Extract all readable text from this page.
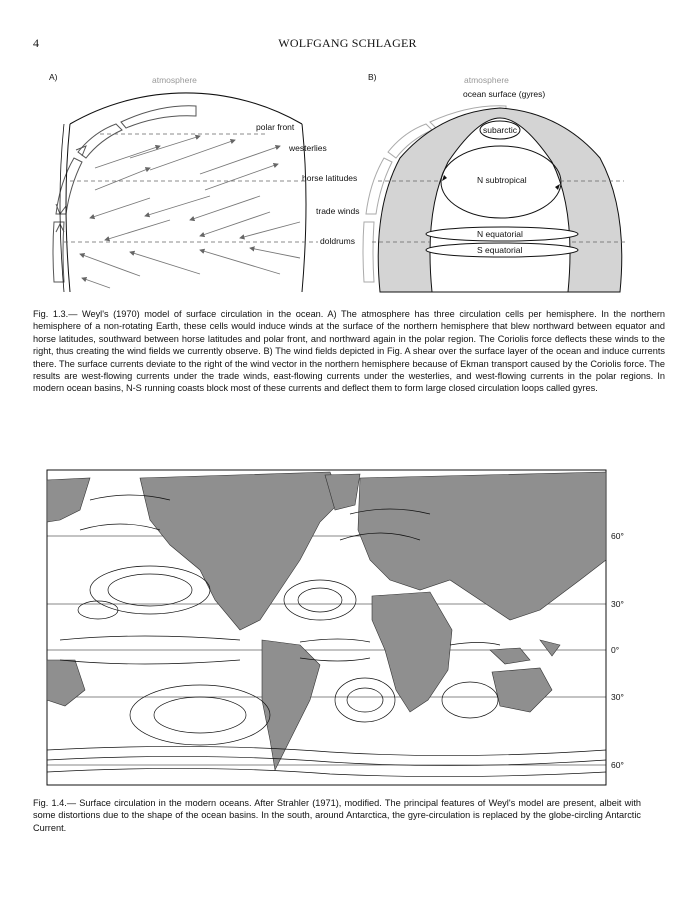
4	WOLFGANG SCHLAGER
A)	atmosphere
polar front
westerlies
horse latitudes
trade winds
doldrums
B)	atmosphere
ocean surface (gyres)
subarctic
N subtropical
N equatorial
S equatorial
60°
30°
0°
30°
60°
Fig. 1.3.— Weyl's (1970) model of surface circulation in the ocean. A) The atmosphere has three circulation cells per hemisphere. In the northern hemisphere of a non-rotating Earth, these cells would induce winds at the surface of the northern hemisphere that blew northward between equator and horse latitudes, southward between horse latitudes and polar front, and northward again in the polar region. The Coriolis force deflects these winds to the right, thus creating the wind fields we currently observe. B) The wind fields depicted in Fig. A shear over the surface layer of the ocean and induce currents there. The surface currents deviate to the right of the wind vector in the northern hemisphere because of Ekman transport caused by the Coriolis force. The results are west-flowing currents under the trade winds, east-flowing currents under the westerlies, and west-flowing currents in the polar regions. In modern ocean basins, N-S running coasts block most of these currents and deflect them to form large closed circulation loops called gyres.
Fig. 1.4.— Surface circulation in the modern oceans. After Strahler (1971), modified. The principal features of Weyl's model are present, albeit with some distortions due to the shape of the ocean basins. In the south, around Antarctica, the gyre-circulation is replaced by the globe-circling Antarctic Current.
